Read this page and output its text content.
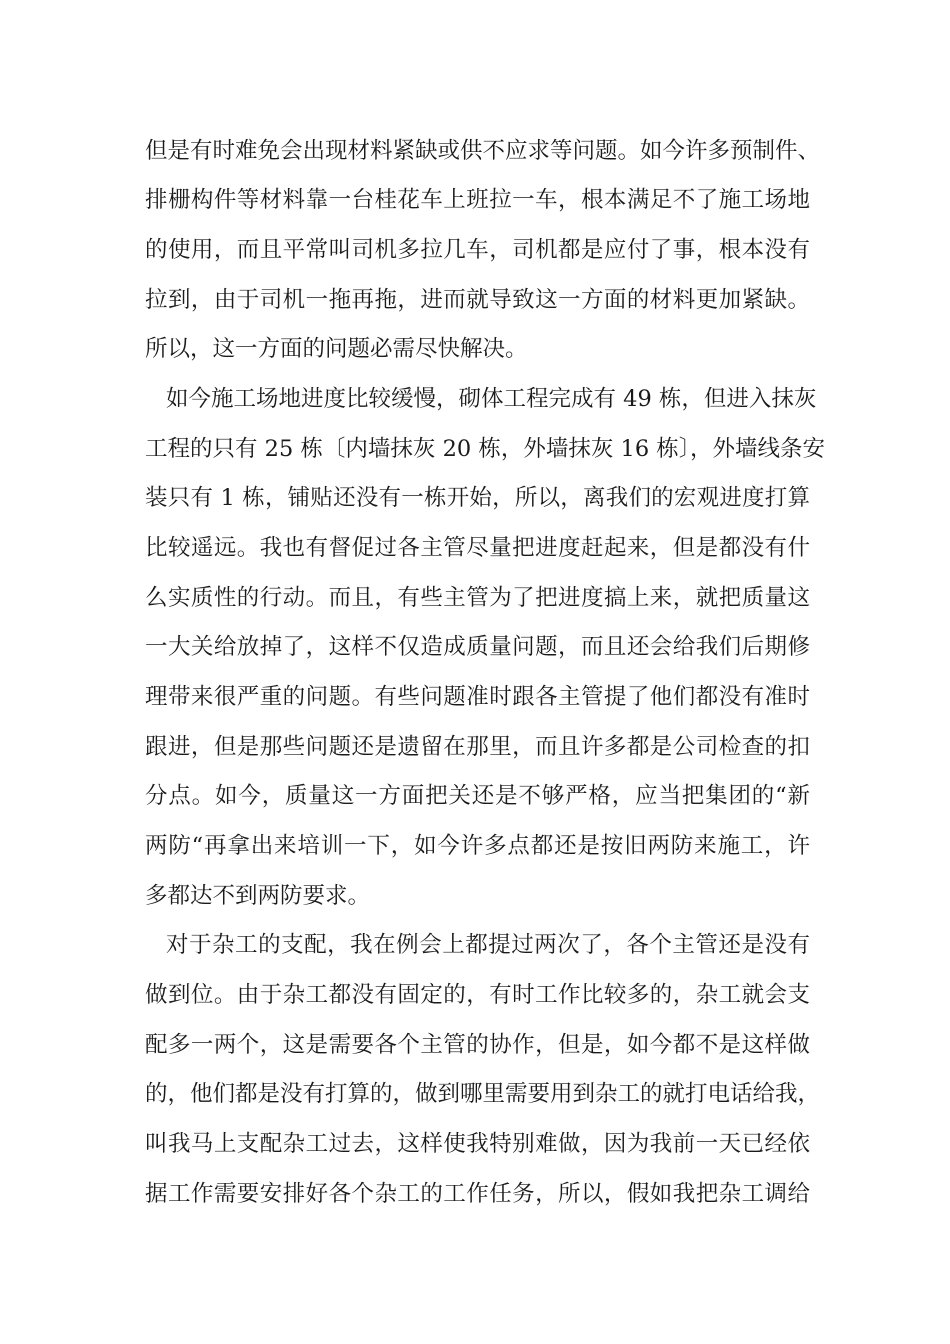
但是有时难免会出现材料紧缺或供不应求等问题。如今许多预制件、
排栅构件等材料靠一台桂花车上班拉一车，根本满足不了施工场地
的使用，而且平常叫司机多拉几车，司机都是应付了事，根本没有
拉到，由于司机一拖再拖，进而就导致这一方面的材料更加紧缺。
所以，这一方面的问题必需尽快解决。
如今施工场地进度比较缓慢，砌体工程完成有 49 栋，但进入抹灰
工程的只有 25 栋〔内墙抹灰 20 栋，外墙抹灰 16 栋〕，外墙线条安
装只有 1 栋，铺贴还没有一栋开始，所以，离我们的宏观进度打算
比较遥远。我也有督促过各主管尽量把进度赶起来，但是都没有什
么实质性的行动。而且，有些主管为了把进度搞上来，就把质量这
一大关给放掉了，这样不仅造成质量问题，而且还会给我们后期修
理带来很严重的问题。有些问题准时跟各主管提了他们都没有准时
跟进，但是那些问题还是遗留在那里，而且许多都是公司检查的扣
分点。如今，质量这一方面把关还是不够严格，应当把集团的“新
两防“再拿出来培训一下，如今许多点都还是按旧两防来施工，许
多都达不到两防要求。
对于杂工的支配，我在例会上都提过两次了，各个主管还是没有
做到位。由于杂工都没有固定的，有时工作比较多的，杂工就会支
配多一两个，这是需要各个主管的协作，但是，如今都不是这样做
的，他们都是没有打算的，做到哪里需要用到杂工的就打电话给我，
叫我马上支配杂工过去，这样使我特别难做，因为我前一天已经依
据工作需要安排好各个杂工的工作任务，所以，假如我把杂工调给
